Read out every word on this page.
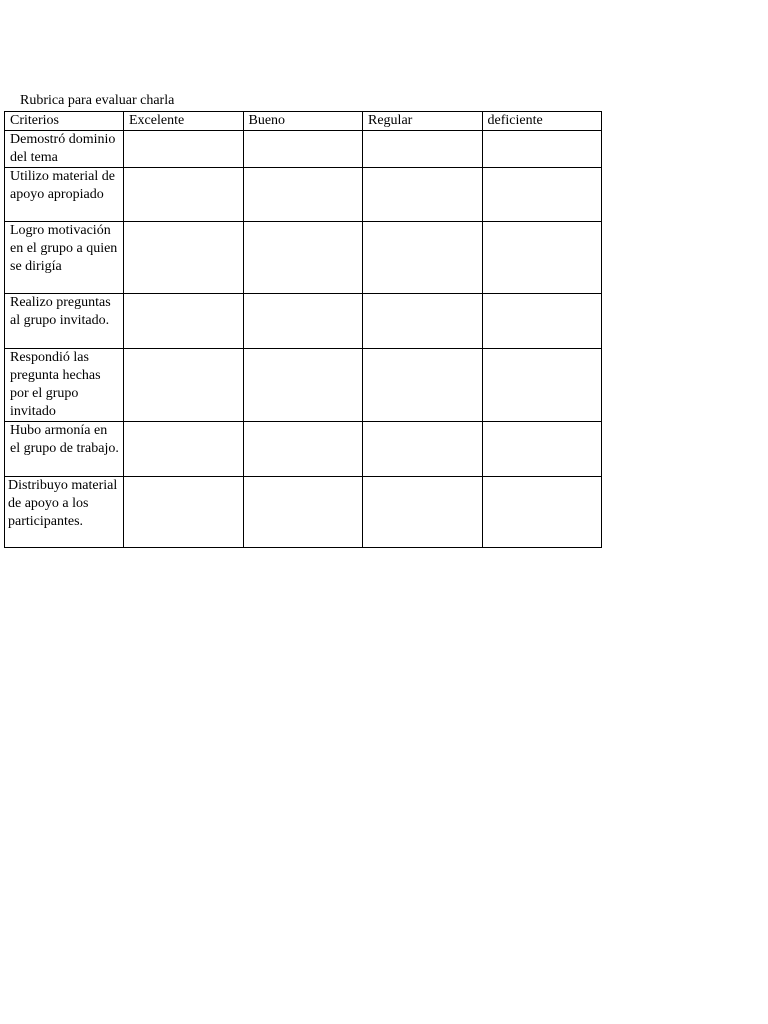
Rubrica para evaluar charla
Criterios	Excelente	Bueno	Regular	deficiente
Demostró dominio del tema				
Utilizo material de apoyo apropiado				
Logro motivación en el grupo a quien se dirigía				
Realizo preguntas al grupo invitado.				
Respondió las pregunta hechas por el grupo invitado				
Hubo armonía en el grupo de trabajo.				
Distribuyo material de apoyo a los participantes.				
